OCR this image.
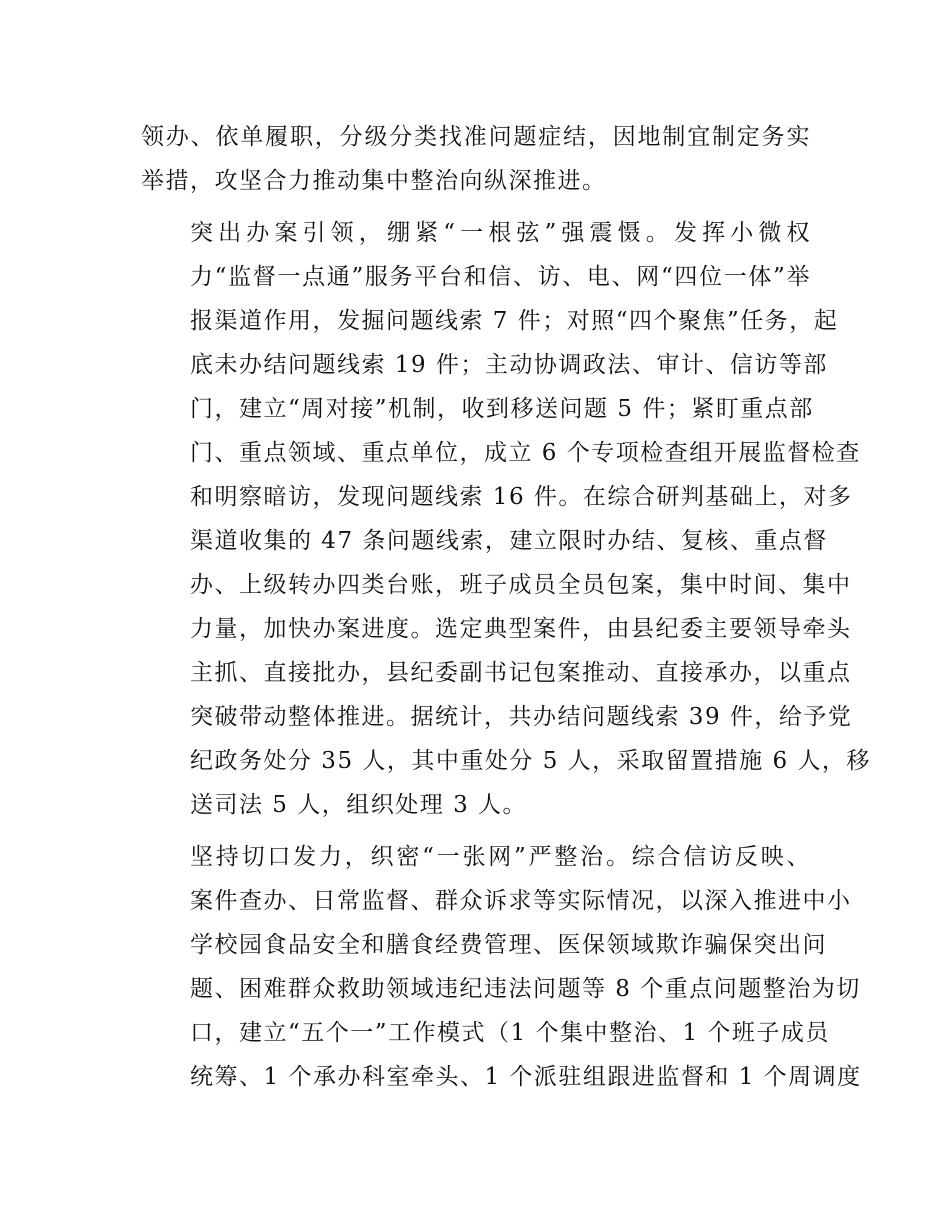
领办、依单履职，分级分类找准问题症结，因地制宜制定务实
举措，攻坚合力推动集中整治向纵深推进。

突出办案引领，绷紧“一根弦”强震慑。发挥小微权
力“监督一点通”服务平台和信、访、电、网“四位一体”举
报渠道作用，发掘问题线索 7 件；对照“四个聚焦”任务，起
底未办结问题线索 19 件；主动协调政法、审计、信访等部
门，建立“周对接”机制，收到移送问题 5 件；紧盯重点部
门、重点领域、重点单位，成立 6 个专项检查组开展监督检查
和明察暗访，发现问题线索 16 件。在综合研判基础上，对多
渠道收集的 47 条问题线索，建立限时办结、复核、重点督
办、上级转办四类台账，班子成员全员包案，集中时间、集中
力量，加快办案进度。选定典型案件，由县纪委主要领导牵头
主抓、直接批办，县纪委副书记包案推动、直接承办，以重点
突破带动整体推进。据统计，共办结问题线索 39 件，给予党
纪政务处分 35 人，其中重处分 5 人，采取留置措施 6 人，移
送司法 5 人，组织处理 3 人。

坚持切口发力，织密“一张网”严整治。综合信访反映、
案件查办、日常监督、群众诉求等实际情况，以深入推进中小
学校园食品安全和膳食经费管理、医保领域欺诈骗保突出问
题、困难群众救助领域违纪违法问题等 8 个重点问题整治为切
口，建立“五个一”工作模式（1 个集中整治、1 个班子成员
统筹、1 个承办科室牵头、1 个派驻组跟进监督和 1 个周调度
